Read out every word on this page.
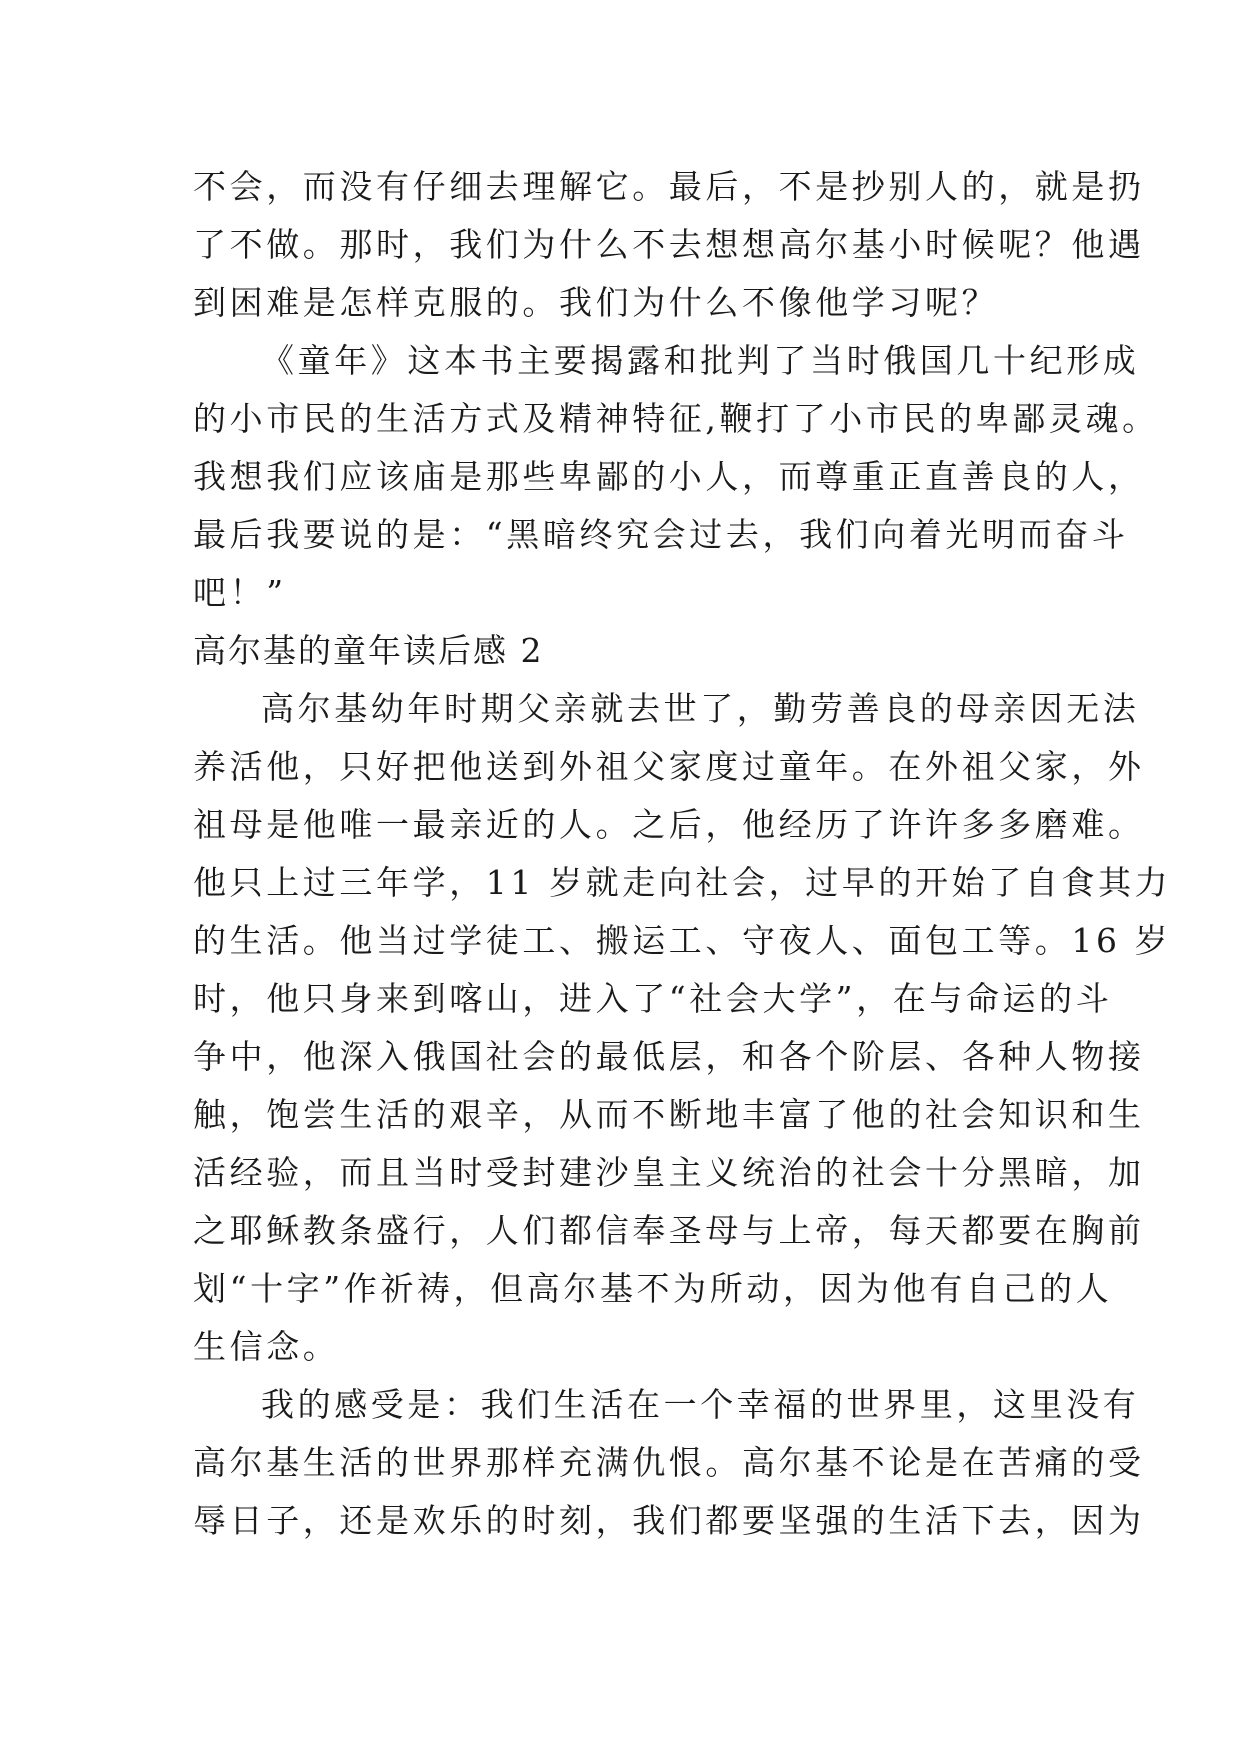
不会，而没有仔细去理解它。最后，不是抄别人的，就是扔
了不做。那时，我们为什么不去想想高尔基小时候呢？他遇
到困难是怎样克服的。我们为什么不像他学习呢？
《童年》这本书主要揭露和批判了当时俄国几十纪形成
的小市民的生活方式及精神特征,鞭打了小市民的卑鄙灵魂。
我想我们应该庙是那些卑鄙的小人，而尊重正直善良的人，
最后我要说的是：“黑暗终究会过去，我们向着光明而奋斗
吧！”
高尔基的童年读后感 2
高尔基幼年时期父亲就去世了，勤劳善良的母亲因无法
养活他，只好把他送到外祖父家度过童年。在外祖父家，外
祖母是他唯一最亲近的人。之后，他经历了许许多多磨难。
他只上过三年学，11 岁就走向社会，过早的开始了自食其力
的生活。他当过学徒工、搬运工、守夜人、面包工等。16 岁
时，他只身来到喀山，进入了“社会大学”，在与命运的斗
争中，他深入俄国社会的最低层，和各个阶层、各种人物接
触，饱尝生活的艰辛，从而不断地丰富了他的社会知识和生
活经验，而且当时受封建沙皇主义统治的社会十分黑暗，加
之耶稣教条盛行，人们都信奉圣母与上帝，每天都要在胸前
划“十字”作祈祷，但高尔基不为所动，因为他有自己的人
生信念。
我的感受是：我们生活在一个幸福的世界里，这里没有
高尔基生活的世界那样充满仇恨。高尔基不论是在苦痛的受
辱日子，还是欢乐的时刻，我们都要坚强的生活下去，因为
